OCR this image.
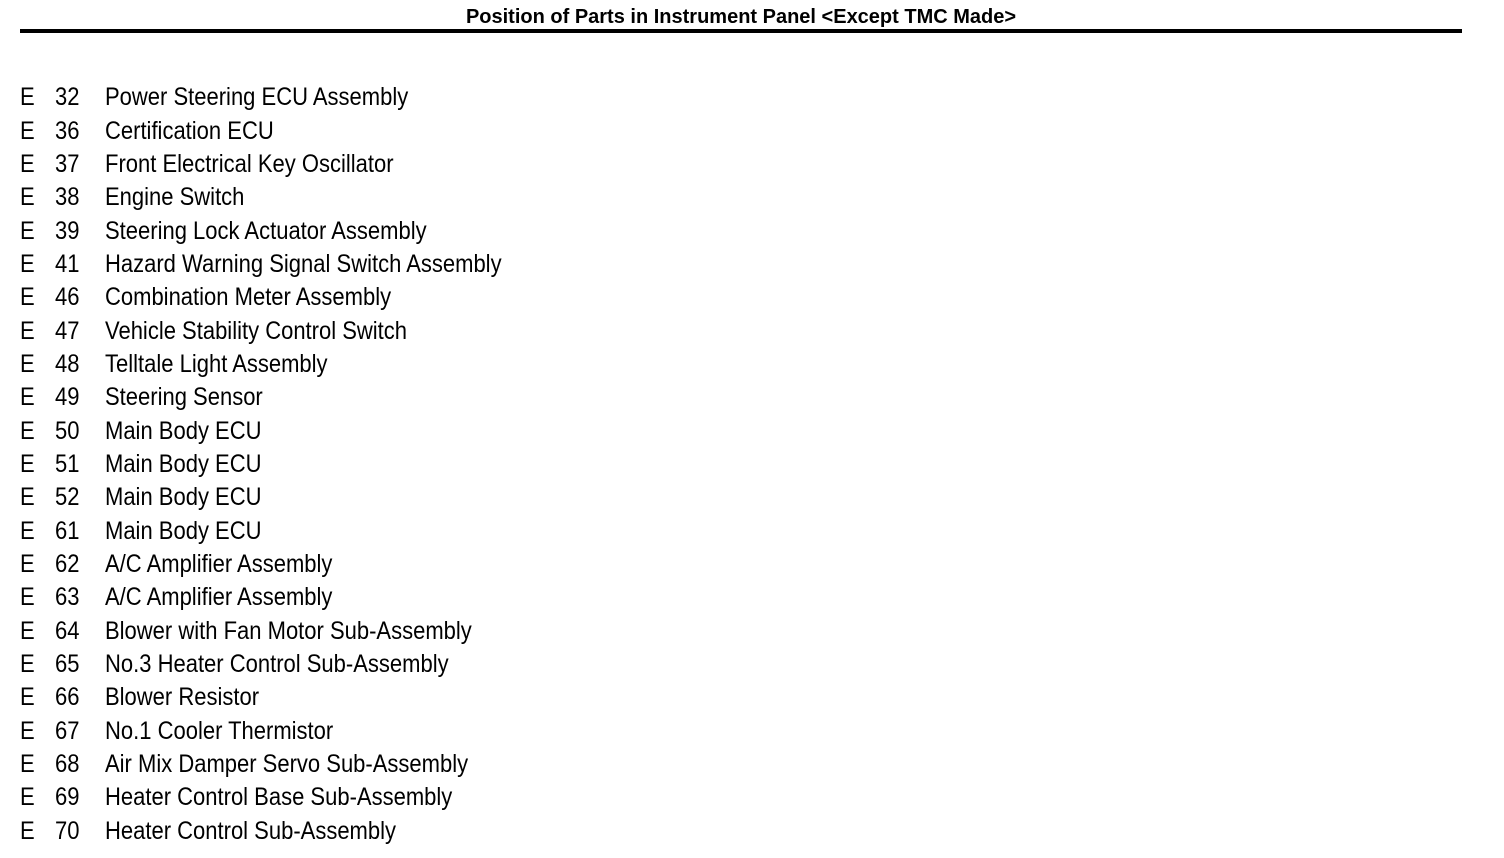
Position of Parts in Instrument Panel <Except TMC Made>
E 32	Power Steering ECU Assembly
E 36	Certification ECU
E 37	Front Electrical Key Oscillator
E 38	Engine Switch
E 39	Steering Lock Actuator Assembly
E 41	Hazard Warning Signal Switch Assembly
E 46	Combination Meter Assembly
E 47	Vehicle Stability Control Switch
E 48	Telltale Light Assembly
E 49	Steering Sensor
E 50	Main Body ECU
E 51	Main Body ECU
E 52	Main Body ECU
E 61	Main Body ECU
E 62	A/C Amplifier Assembly
E 63	A/C Amplifier Assembly
E 64	Blower with Fan Motor Sub-Assembly
E 65	No.3 Heater Control Sub-Assembly
E 66	Blower Resistor
E 67	No.1 Cooler Thermistor
E 68	Air Mix Damper Servo Sub-Assembly
E 69	Heater Control Base Sub-Assembly
E 70	Heater Control Sub-Assembly
